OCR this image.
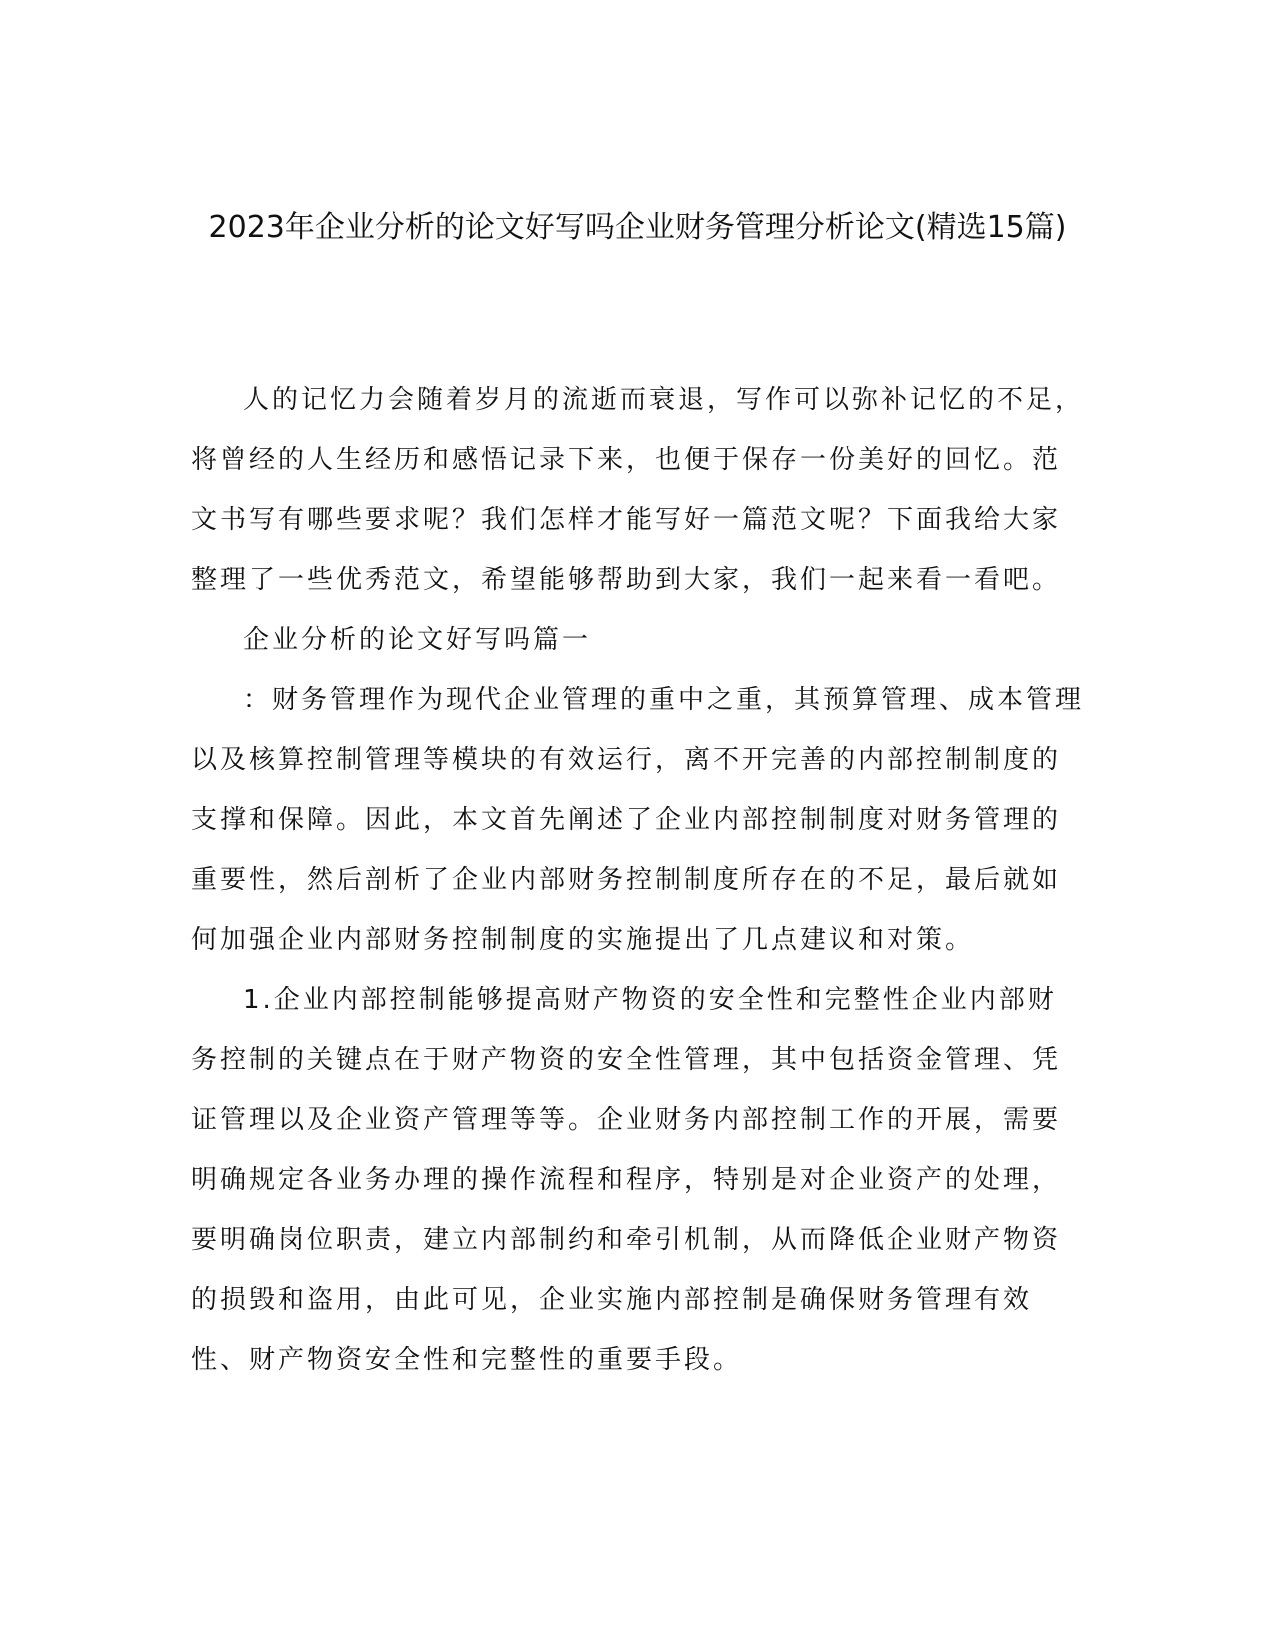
2023年企业分析的论文好写吗企业财务管理分析论文(精选15篇)

人的记忆力会随着岁月的流逝而衰退，写作可以弥补记忆的不足，将曾经的人生经历和感悟记录下来，也便于保存一份美好的回忆。范文书写有哪些要求呢？我们怎样才能写好一篇范文呢？下面我给大家整理了一些优秀范文，希望能够帮助到大家，我们一起来看一看吧。

企业分析的论文好写吗篇一

：财务管理作为现代企业管理的重中之重，其预算管理、成本管理以及核算控制管理等模块的有效运行，离不开完善的内部控制制度的支撑和保障。因此，本文首先阐述了企业内部控制制度对财务管理的重要性，然后剖析了企业内部财务控制制度所存在的不足，最后就如何加强企业内部财务控制制度的实施提出了几点建议和对策。

1.企业内部控制能够提高财产物资的安全性和完整性企业内部财务控制的关键点在于财产物资的安全性管理，其中包括资金管理、凭证管理以及企业资产管理等等。企业财务内部控制工作的开展，需要明确规定各业务办理的操作流程和程序，特别是对企业资产的处理，要明确岗位职责，建立内部制约和牵引机制，从而降低企业财产物资的损毁和盗用，由此可见，企业实施内部控制是确保财务管理有效性、财产物资安全性和完整性的重要手段。
